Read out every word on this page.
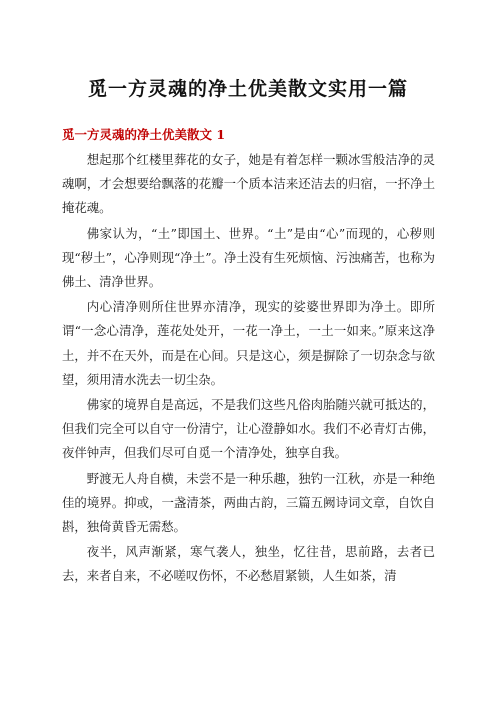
觅一方灵魂的净土优美散文实用一篇
觅一方灵魂的净土优美散文 1

想起那个红楼里葬花的女子，她是有着怎样一颗冰雪般洁净的灵魂啊，才会想要给飘落的花瓣一个质本洁来还洁去的归宿，一抔净土掩花魂。

佛家认为，“土”即国土、世界。“土”是由“心”而现的，心秽则现“秽土”，心净则现“净土”。净土没有生死烦恼、污浊痛苦，也称为佛土、清净世界。

内心清净则所住世界亦清净，现实的娑婆世界即为净土。即所谓“一念心清净，莲花处处开，一花一净土，一土一如来。”原来这净土，并不在天外，而是在心间。只是这心，须是摒除了一切杂念与欲望，须用清水洗去一切尘杂。

佛家的境界自是高远，不是我们这些凡俗肉胎随兴就可抵达的，但我们完全可以自守一份清宁，让心澄静如水。我们不必青灯古佛，夜伴钟声，但我们尽可自觅一个清净处，独享自我。

野渡无人舟自横，未尝不是一种乐趣，独钓一江秋，亦是一种绝佳的境界。抑或，一盏清茶，两曲古韵，三篇五阙诗词文章，自饮自斟，独倚黄昏无需愁。

夜半，风声渐紧，寒气袭人，独坐，忆往昔，思前路，去者已去，来者自来，不必嗟叹伤怀，不必愁眉紧锁，人生如茶，清
